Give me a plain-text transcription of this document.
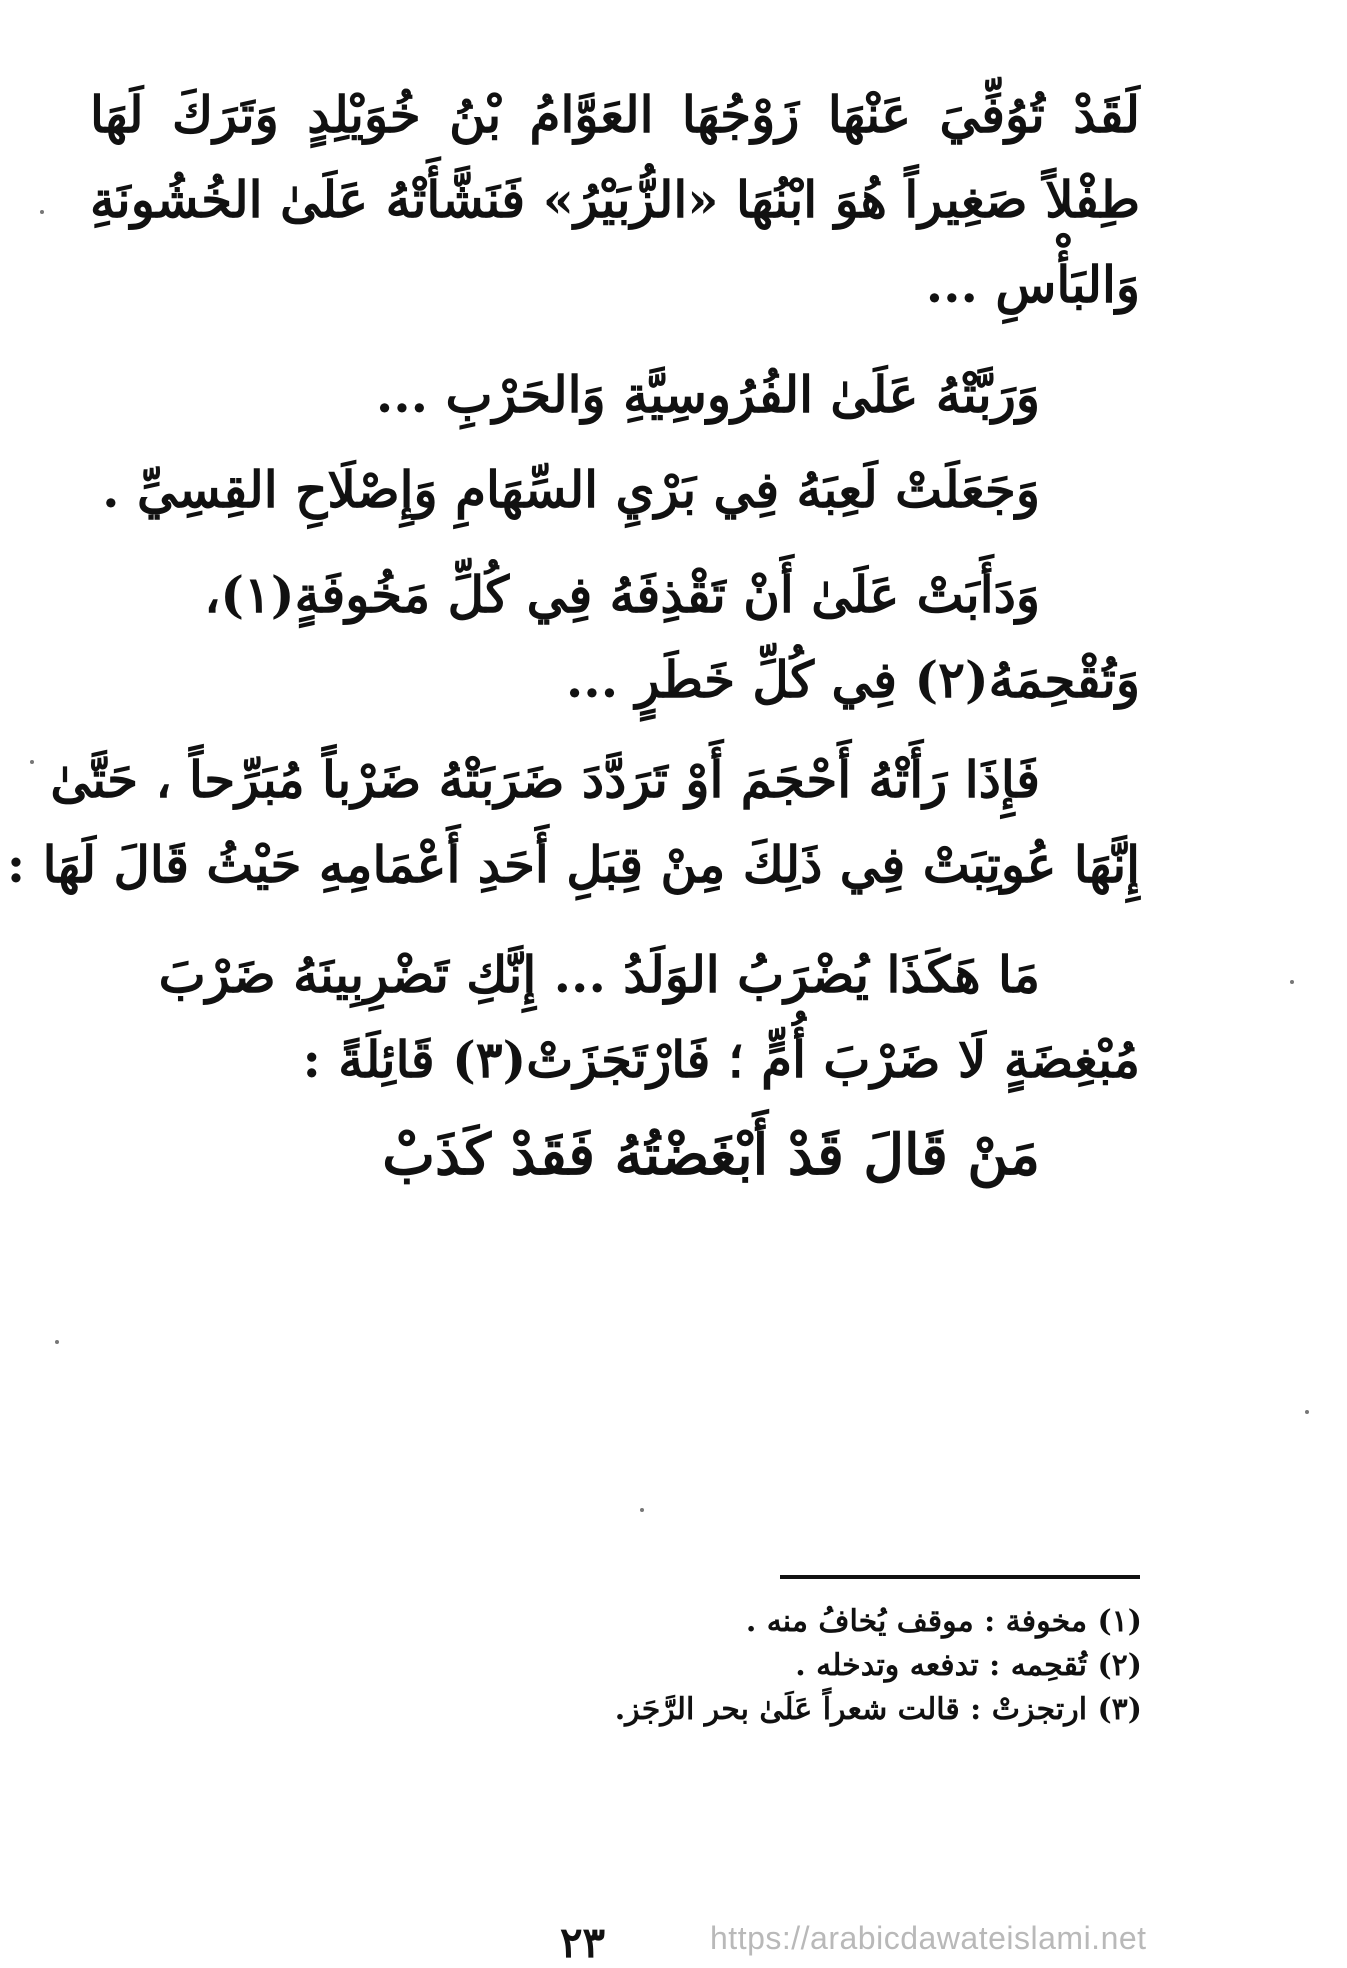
لَقَدْ تُوُفِّيَ عَنْهَا زَوْجُهَا العَوَّامُ بْنُ خُوَيْلِدٍ وَتَرَكَ لَهَا
طِفْلاً صَغِيراً هُوَ ابْنُهَا «الزُّبَيْرُ» فَنَشَّأَتْهُ عَلَىٰ الخُشُونَةِ
وَالبَأْسِ ...
وَرَبَّتْهُ عَلَىٰ الفُرُوسِيَّةِ وَالحَرْبِ ...
وَجَعَلَتْ لَعِبَهُ فِي بَرْيِ السِّهَامِ وَإِصْلَاحِ القِسِيِّ .
وَدَأَبَتْ عَلَىٰ أَنْ تَقْذِفَهُ فِي كُلِّ مَخُوفَةٍ(١)،
وَتُقْحِمَهُ(٢) فِي كُلِّ خَطَرٍ ...
فَإِذَا رَأَتْهُ أَحْجَمَ أَوْ تَرَدَّدَ ضَرَبَتْهُ ضَرْباً مُبَرِّحاً ، حَتَّىٰ
إِنَّهَا عُوتِبَتْ فِي ذَلِكَ مِنْ قِبَلِ أَحَدِ أَعْمَامِهِ حَيْثُ قَالَ لَهَا :
مَا هَكَذَا يُضْرَبُ الوَلَدُ ... إِنَّكِ تَضْرِبِينَهُ ضَرْبَ
مُبْغِضَةٍ لَا ضَرْبَ أُمٍّ ؛ فَارْتَجَزَتْ(٣) قَائِلَةً :
مَنْ قَالَ قَدْ أَبْغَضْتُهُ فَقَدْ كَذَبْ
(١) مخوفة : موقف يُخافُ منه .
(٢) تُقحِمه : تدفعه وتدخله .
(٣) ارتجزتْ : قالت شعراً عَلَىٰ بحر الرَّجَز.
٢٣	https://arabicdawateislami.net
